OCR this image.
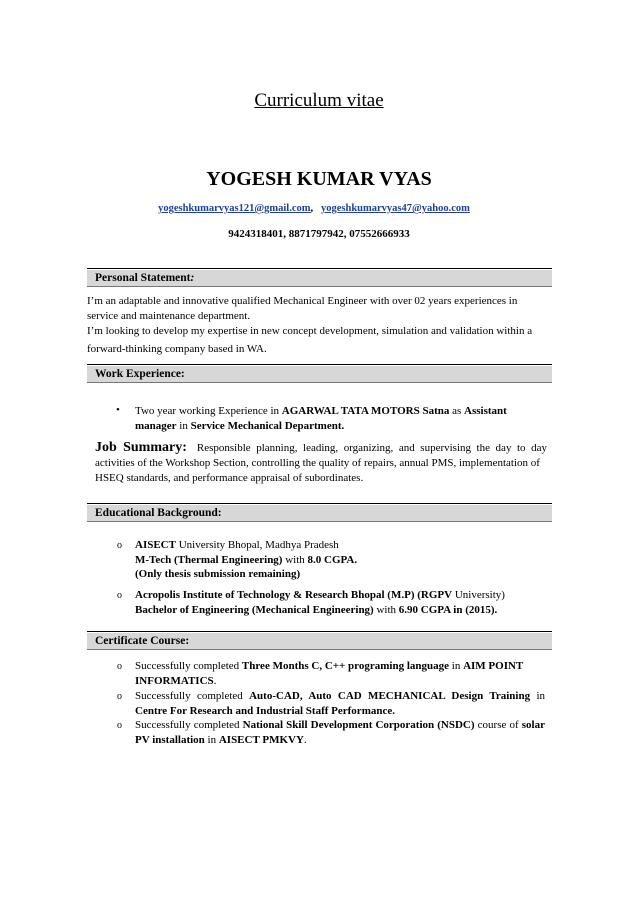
Curriculum vitae
YOGESH KUMAR VYAS
yogeshkumarvyas121@gmail.com, yogeshkumarvyas47@yahoo.com
9424318401, 8871797942, 07552666933
Personal Statement:
I’m an adaptable and innovative qualified Mechanical Engineer with over 02 years experiences in
service and maintenance department.
I’m looking to develop my expertise in new concept development, simulation and validation within a
forward-thinking company based in WA.
Work Experience:
• Two year working Experience in AGARWAL TATA MOTORS Satna as Assistant
manager in Service Mechanical Department.
Job Summary: Responsible planning, leading, organizing, and supervising the day to day
activities of the Workshop Section, controlling the quality of repairs, annual PMS, implementation of
HSEQ standards, and performance appraisal of subordinates.
Educational Background:
o AISECT University Bhopal, Madhya Pradesh
M-Tech (Thermal Engineering) with 8.0 CGPA.
(Only thesis submission remaining)
o Acropolis Institute of Technology & Research Bhopal (M.P) (RGPV University)
Bachelor of Engineering (Mechanical Engineering) with 6.90 CGPA in (2015).
Certificate Course:
o Successfully completed Three Months C, C++ programing language in AIM POINT
INFORMATICS.
o Successfully completed Auto-CAD, Auto CAD MECHANICAL Design Training in
Centre For Research and Industrial Staff Performance.
o Successfully completed National Skill Development Corporation (NSDC) course of solar
PV installation in AISECT PMKVY.
